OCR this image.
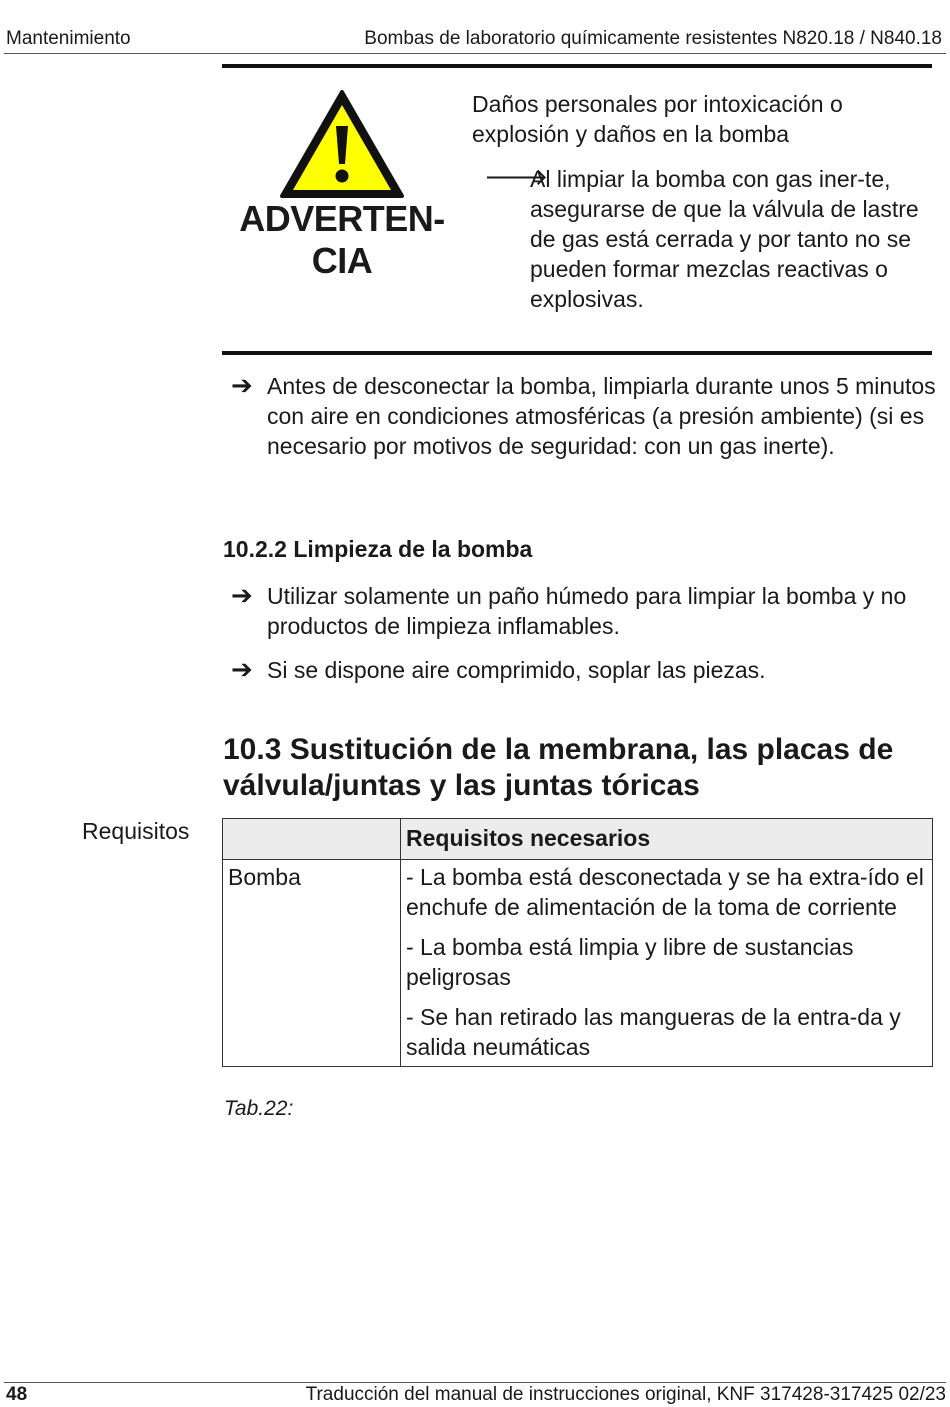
Mantenimiento	Bombas de laboratorio químicamente resistentes N820.18 / N840.18
ADVERTEN-
CIA
Daños personales por intoxicación o explosión y daños en la bomba
🡒
Al limpiar la bomba con gas iner-te, asegurarse de que la válvula de lastre de gas está cerrada y por tanto no se pueden formar mezclas reactivas o explosivas.
➔ Antes de desconectar la bomba, limpiarla durante unos 5 minutos con aire en condiciones atmosféricas (a presión ambiente) (si es necesario por motivos de seguridad: con un gas inerte).
10.2.2 Limpieza de la bomba
➔ Utilizar solamente un paño húmedo para limpiar la bomba y no productos de limpieza inflamables.
➔ Si se dispone aire comprimido, soplar las piezas.
10.3 Sustitución de la membrana, las placas de válvula/juntas y las juntas tóricas
Requisitos
		Requisitos necesarios
Bomba	- La bomba está desconectada y se ha extra-ído el enchufe de alimentación de la toma de corriente
- La bomba está limpia y libre de sustancias peligrosas
- Se han retirado las mangueras de la entra-da y salida neumáticas
Tab.22:
48	Traducción del manual de instrucciones original, KNF 317428-317425 02/23
